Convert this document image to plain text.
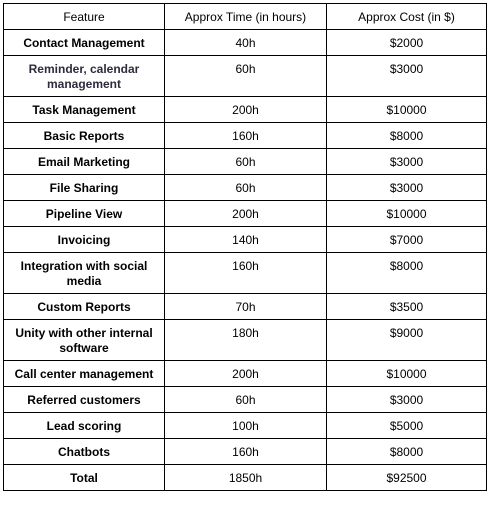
Feature	Approx Time (in hours)	Approx Cost (in $)
Contact Management	40h	$2000
Reminder, calendar management	60h	$3000
Task Management	200h	$10000
Basic Reports	160h	$8000
Email Marketing	60h	$3000
File Sharing	60h	$3000
Pipeline View	200h	$10000
Invoicing	140h	$7000
Integration with social media	160h	$8000
Custom Reports	70h	$3500
Unity with other internal software	180h	$9000
Call center management	200h	$10000
Referred customers	60h	$3000
Lead scoring	100h	$5000
Chatbots	160h	$8000
Total	1850h	$92500
